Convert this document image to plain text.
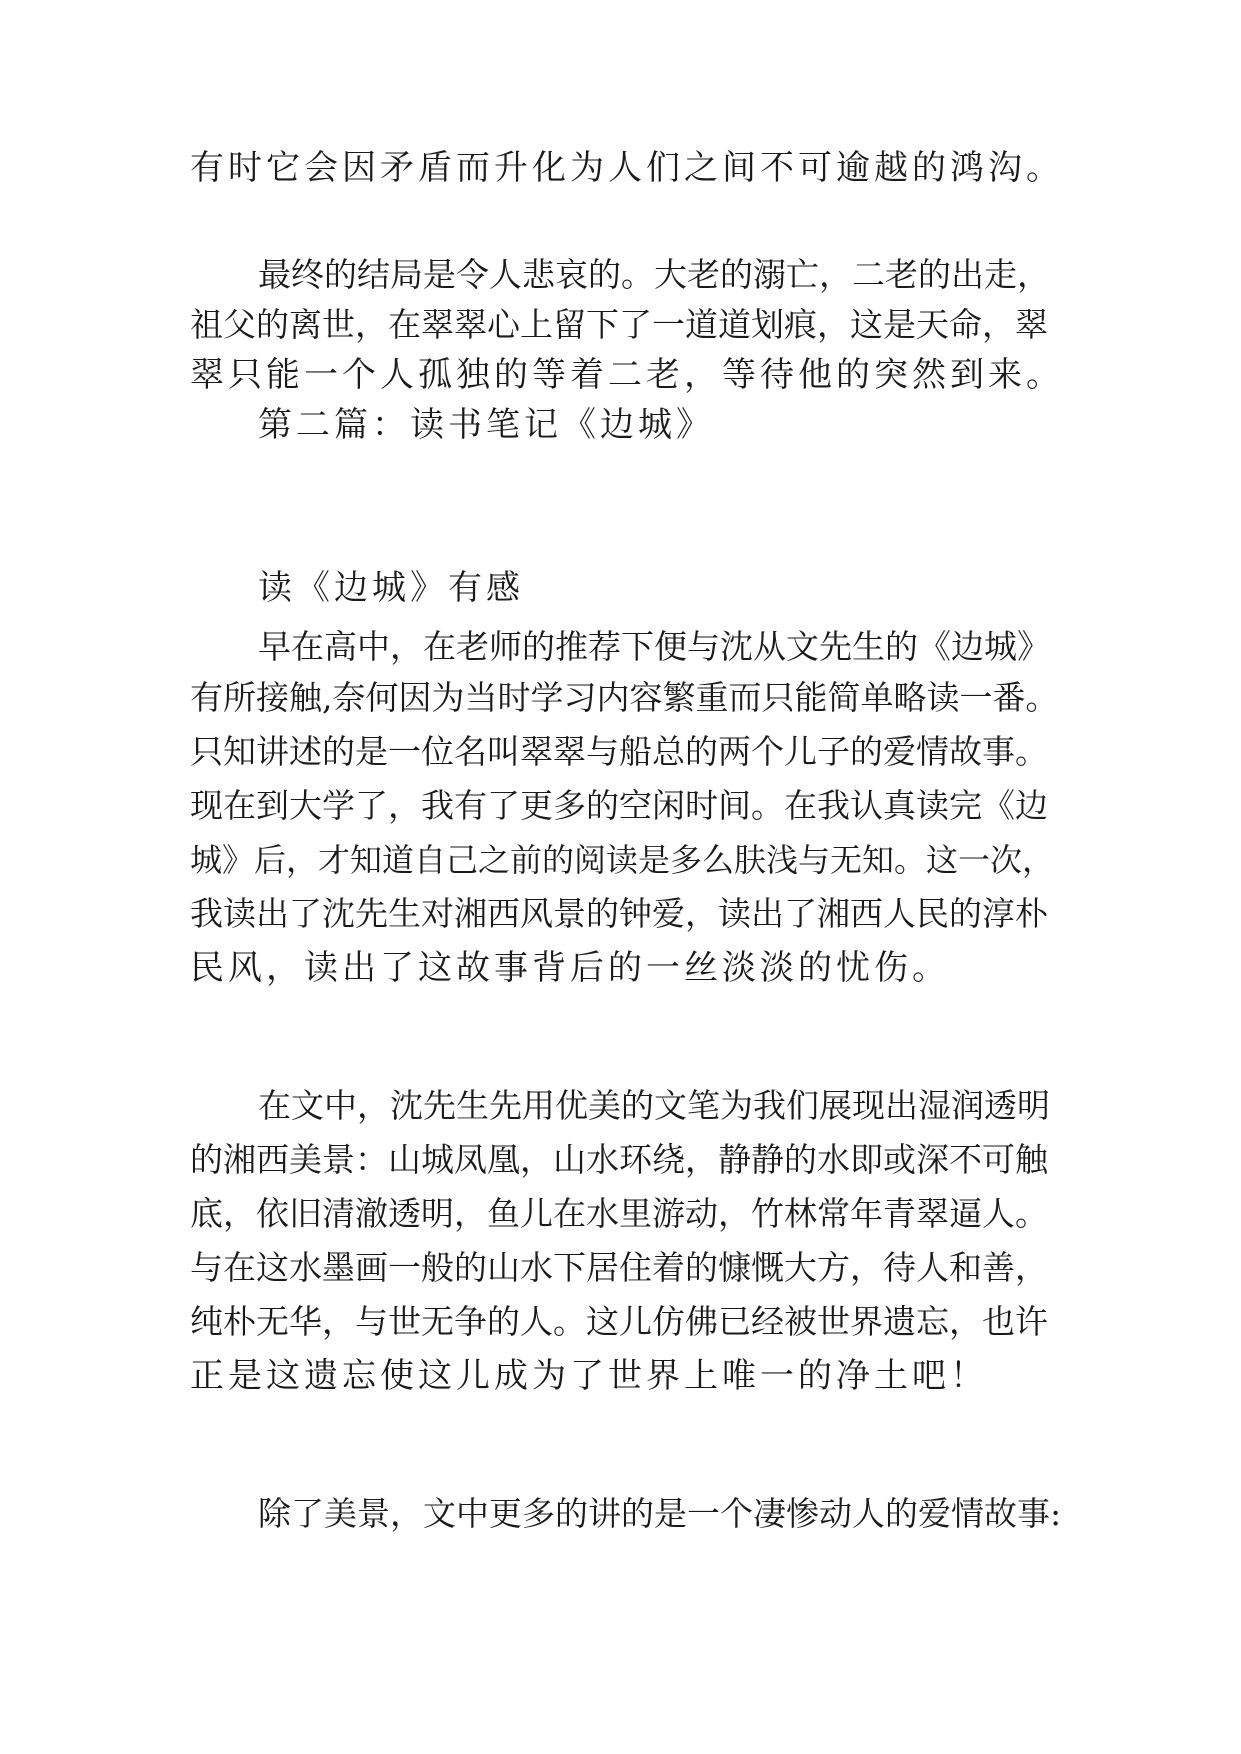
有时它会因矛盾而升化为人们之间不可逾越的鸿沟。
最终的结局是令人悲哀的。大老的溺亡，二老的出走，
祖父的离世，在翠翠心上留下了一道道划痕，这是天命，翠
翠只能一个人孤独的等着二老，等待他的突然到来。
第二篇：读书笔记《边城》
读《边城》有感
早在高中，在老师的推荐下便与沈从文先生的《边城》
有所接触,奈何因为当时学习内容繁重而只能简单略读一番。
只知讲述的是一位名叫翠翠与船总的两个儿子的爱情故事。
现在到大学了，我有了更多的空闲时间。在我认真读完《边
城》后，才知道自己之前的阅读是多么肤浅与无知。这一次，
我读出了沈先生对湘西风景的钟爱，读出了湘西人民的淳朴
民风，读出了这故事背后的一丝淡淡的忧伤。
在文中，沈先生先用优美的文笔为我们展现出湿润透明
的湘西美景：山城凤凰，山水环绕，静静的水即或深不可触
底，依旧清澈透明，鱼儿在水里游动，竹林常年青翠逼人。
与在这水墨画一般的山水下居住着的慷慨大方，待人和善，
纯朴无华，与世无争的人。这儿仿佛已经被世界遗忘，也许
正是这遗忘使这儿成为了世界上唯一的净土吧！
除了美景，文中更多的讲的是一个凄惨动人的爱情故事:
